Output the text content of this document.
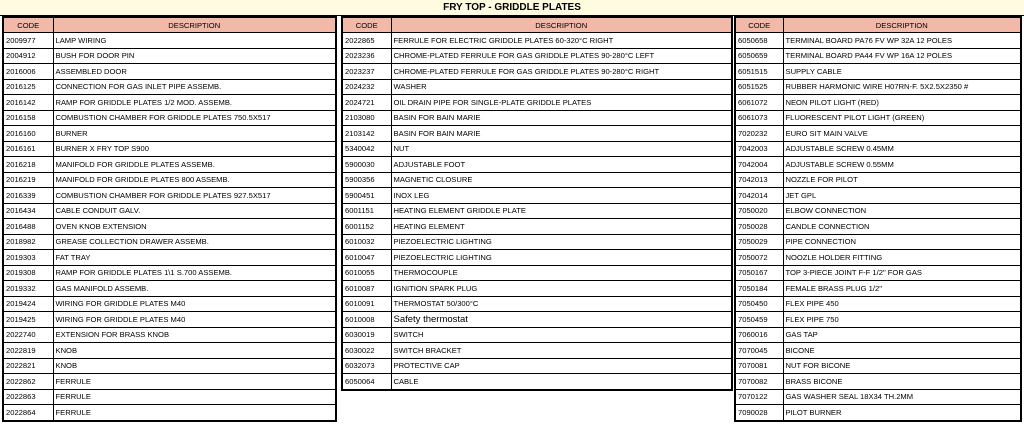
FRY TOP - GRIDDLE PLATES
CODE	DESCRIPTION
2009977	LAMP WIRING
2004912	BUSH FOR DOOR PIN
2016006	ASSEMBLED DOOR
2016125	CONNECTION FOR GAS INLET PIPE ASSEMB.
2016142	RAMP FOR GRIDDLE PLATES 1/2 MOD. ASSEMB.
2016158	COMBUSTION CHAMBER FOR GRIDDLE PLATES 750.5X517
2016160	BURNER
2016161	BURNER X FRY TOP S900
2016218	MANIFOLD FOR GRIDDLE PLATES ASSEMB.
2016219	MANIFOLD FOR GRIDDLE PLATES 800 ASSEMB.
2016339	COMBUSTION CHAMBER FOR GRIDDLE PLATES 927.5X517
2016434	CABLE CONDUIT GALV.
2016488	OVEN KNOB EXTENSION
2018982	GREASE COLLECTION DRAWER ASSEMB.
2019303	FAT TRAY
2019308	RAMP FOR GRIDDLE PLATES 1\1 S.700 ASSEMB.
2019332	GAS MANIFOLD ASSEMB.
2019424	WIRING FOR GRIDDLE PLATES M40
2019425	WIRING FOR GRIDDLE PLATES M40
2022740	EXTENSION FOR BRASS KNOB
2022819	KNOB
2022821	KNOB
2022862	FERRULE
2022863	FERRULE
2022864	FERRULE
CODE	DESCRIPTION
2022865	FERRULE FOR ELECTRIC GRIDDLE PLATES 60-320°C RIGHT
2023236	CHROME-PLATED FERRULE FOR GAS GRIDDLE PLATES 90-280°C LEFT
2023237	CHROME-PLATED FERRULE FOR GAS GRIDDLE PLATES 90-280°C RIGHT
2024232	WASHER
2024721	OIL DRAIN PIPE FOR SINGLE-PLATE GRIDDLE PLATES
2103080	BASIN FOR BAIN MARIE
2103142	BASIN FOR BAIN MARIE
5340042	NUT
5900030	ADJUSTABLE FOOT
5900356	MAGNETIC CLOSURE
5900451	INOX LEG
6001151	HEATING ELEMENT GRIDDLE PLATE
6001152	HEATING ELEMENT
6010032	PIEZOELECTRIC LIGHTING
6010047	PIEZOELECTRIC LIGHTING
6010055	THERMOCOUPLE
6010087	IGNITION SPARK PLUG
6010091	THERMOSTAT 50/300°C
6010008	Safety thermostat
6030019	SWITCH
6030022	SWITCH BRACKET
6032073	PROTECTIVE CAP
6050064	CABLE
CODE	DESCRIPTION
6050658	TERMINAL BOARD PA76 FV WP 32A 12 POLES
6050659	TERMINAL BOARD PA44 FV WP 16A 12 POLES
6051515	SUPPLY CABLE
6051525	RUBBER HARMONIC WIRE H07RN-F. 5X2.5X2350 #
6061072	NEON PILOT LIGHT (RED)
6061073	FLUORESCENT PILOT LIGHT (GREEN)
7020232	EURO SIT MAIN VALVE
7042003	ADJUSTABLE SCREW 0.45MM
7042004	ADJUSTABLE SCREW 0.55MM
7042013	NOZZLE FOR PILOT
7042014	JET GPL
7050020	ELBOW CONNECTION
7050028	CANDLE CONNECTION
7050029	PIPE CONNECTION
7050072	NOOZLE HOLDER FITTING
7050167	TOP 3-PIECE JOINT F-F 1/2" FOR GAS
7050184	FEMALE BRASS PLUG 1/2"
7050450	FLEX PIPE 450
7050459	FLEX PIPE 750
7060016	GAS TAP
7070045	BICONE
7070081	NUT FOR BICONE
7070082	BRASS BICONE
7070122	GAS WASHER SEAL 18X34 TH.2MM
7090028	PILOT BURNER
